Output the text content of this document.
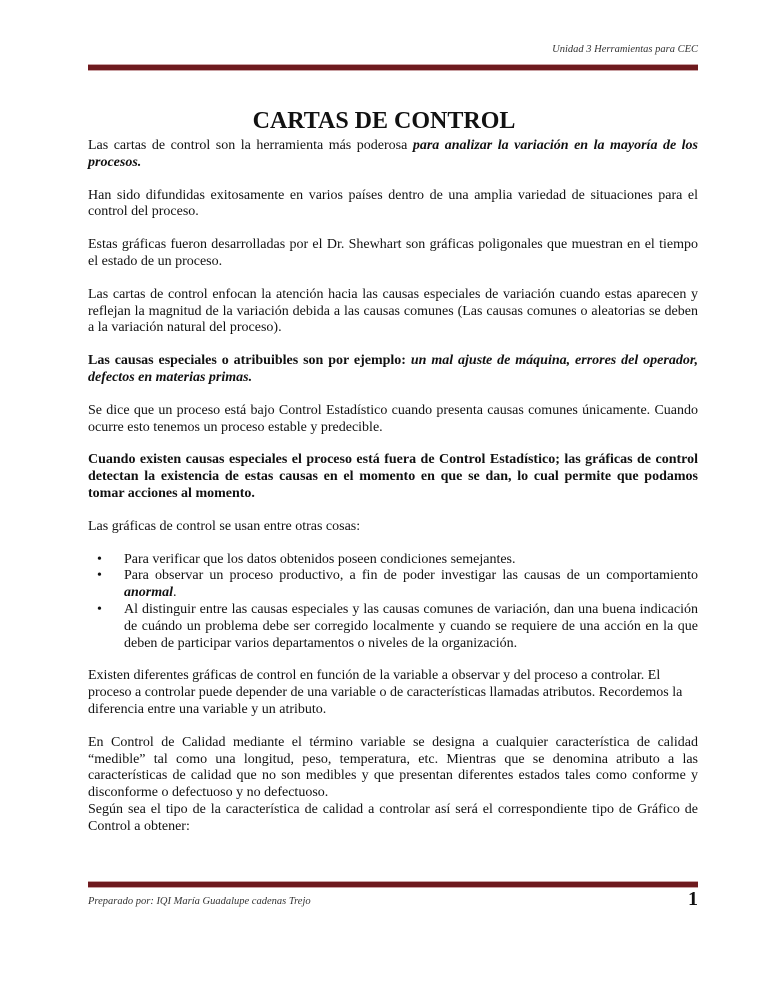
Unidad 3 Herramientas para CEC
CARTAS DE CONTROL

Las cartas de control son la herramienta más poderosa para analizar la variación en la mayoría de los procesos.

Han sido difundidas exitosamente en varios países dentro de una amplia variedad de situaciones para el control del proceso.

Estas gráficas fueron desarrolladas por el Dr. Shewhart son gráficas poligonales que muestran en el tiempo el estado de un proceso.

Las cartas de control enfocan la atención hacia las causas especiales de variación cuando estas aparecen y reflejan la magnitud de la variación debida a las causas comunes (Las causas comunes o aleatorias se deben a la variación natural del proceso).

Las causas especiales o atribuibles son por ejemplo: un mal ajuste de máquina, errores del operador, defectos en materias primas.

Se dice que un proceso está bajo Control Estadístico cuando presenta causas comunes únicamente. Cuando ocurre esto tenemos un proceso estable y predecible.

Cuando existen causas especiales el proceso está fuera de Control Estadístico; las gráficas de control detectan la existencia de estas causas en el momento en que se dan, lo cual permite que podamos tomar acciones al momento.

Las gráficas de control se usan entre otras cosas:

• Para verificar que los datos obtenidos poseen condiciones semejantes.
• Para observar un proceso productivo, a fin de poder investigar las causas de un comportamiento anormal.
• Al distinguir entre las causas especiales y las causas comunes de variación, dan una buena indicación de cuándo un problema debe ser corregido localmente y cuando se requiere de una acción en la que deben de participar varios departamentos o niveles de la organización.

Existen diferentes gráficas de control en función de la variable a observar y del proceso a controlar. El proceso a controlar puede depender de una variable o de características llamadas atributos. Recordemos la diferencia entre una variable y un atributo.

En Control de Calidad mediante el término variable se designa a cualquier característica de calidad “medible” tal como una longitud, peso, temperatura, etc. Mientras que se denomina atributo a las características de calidad que no son medibles y que presentan diferentes estados tales como conforme y disconforme o defectuoso y no defectuoso.

Según sea el tipo de la característica de calidad a controlar así será el correspondiente tipo de Gráfico de Control a obtener:

Preparado por: IQI María Guadalupe cadenas Trejo	1
